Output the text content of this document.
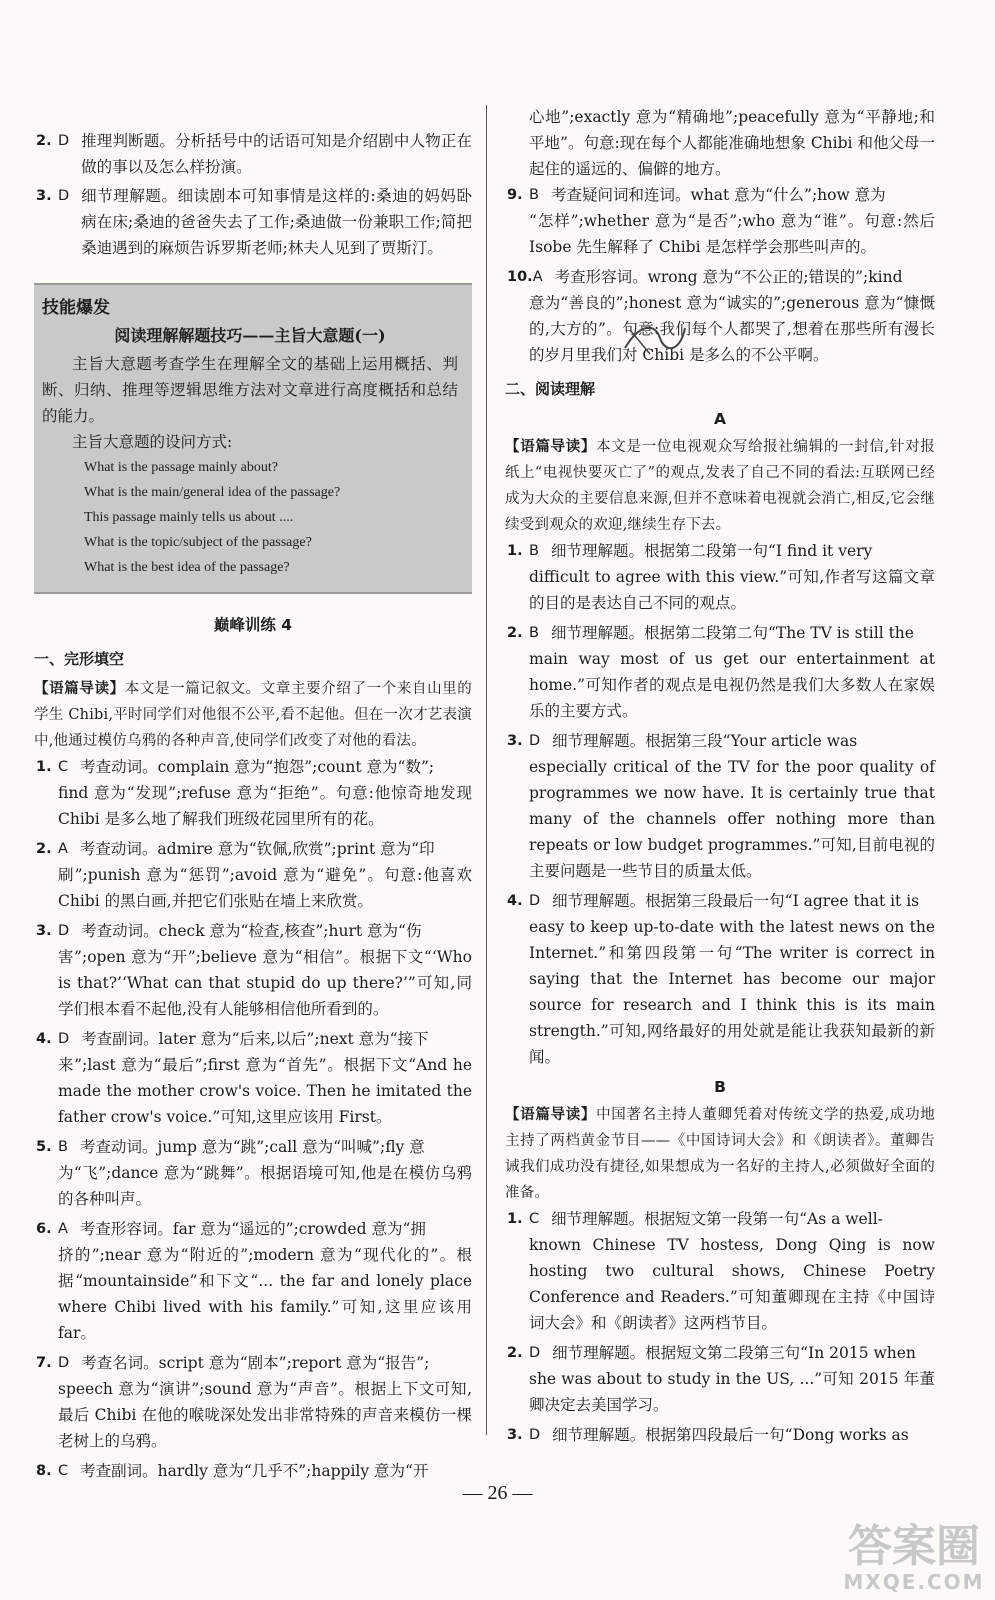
2. D 推理判断题。分析括号中的话语可知是介绍剧中人物正在做的事以及怎么样扮演。
3. D 细节理解题。细读剧本可知事情是这样的:桑迪的妈妈卧病在床;桑迪的爸爸失去了工作;桑迪做一份兼职工作;简把桑迪遇到的麻烦告诉罗斯老师;林夫人见到了贾斯汀。
技能爆发
阅读理解解题技巧——主旨大意题(一)

主旨大意题考查学生在理解全文的基础上运用概括、判断、归纳、推理等逻辑思维方法对文章进行高度概括和总结的能力。

主旨大意题的设问方式:

What is the passage mainly about?
What is the main/general idea of the passage?
This passage mainly tells us about ....
What is the topic/subject of the passage?
What is the best idea of the passage?
巅峰训练 4
一、完形填空
【语篇导读】本文是一篇记叙文。文章主要介绍了一个来自山里的学生 Chibi,平时同学们对他很不公平,看不起他。但在一次才艺表演中,他通过模仿乌鸦的各种声音,使同学们改变了对他的看法。
1. C 考查动词。complain 意为“抱怨”;count 意为“数”;
find 意为“发现”;refuse 意为“拒绝”。句意:他惊奇地发现 Chibi 是多么地了解我们班级花园里所有的花。
2. A 考查动词。admire 意为“钦佩,欣赏”;print 意为“印
刷”;punish 意为“惩罚”;avoid 意为“避免”。句意:他喜欢 Chibi 的黑白画,并把它们张贴在墙上来欣赏。
3. D 考查动词。check 意为“检查,核查”;hurt 意为“伤
害”;open 意为“开”;believe 意为“相信”。根据下文“‘Who is that?’‘What can that stupid do up there?’”可知,同学们根本看不起他,没有人能够相信他所看到的。
4. D 考查副词。later 意为“后来,以后”;next 意为“接下
来”;last 意为“最后”;first 意为“首先”。根据下文“And he made the mother crow's voice. Then he imitated the father crow's voice.”可知,这里应该用 First。
5. B 考查动词。jump 意为“跳”;call 意为“叫喊”;fly 意
为“飞”;dance 意为“跳舞”。根据语境可知,他是在模仿乌鸦的各种叫声。
6. A 考查形容词。far 意为“遥远的”;crowded 意为“拥
挤的”;near 意为“附近的”;modern 意为“现代化的”。根据“mountainside”和下文“... the far and lonely place where Chibi lived with his family.”可知,这里应该用 far。
7. D 考查名词。script 意为“剧本”;report 意为“报告”;
speech 意为“演讲”;sound 意为“声音”。根据上下文可知,最后 Chibi 在他的喉咙深处发出非常特殊的声音来模仿一棵老树上的乌鸦。
8. C 考查副词。hardly 意为“几乎不”;happily 意为“开
心地”;exactly 意为“精确地”;peacefully 意为“平静地;和平地”。句意:现在每个人都能准确地想象 Chibi 和他父母一起住的遥远的、偏僻的地方。
9. B 考查疑问词和连词。what 意为“什么”;how 意为
“怎样”;whether 意为“是否”;who 意为“谁”。句意:然后 Isobe 先生解释了 Chibi 是怎样学会那些叫声的。
10. A 考查形容词。wrong 意为“不公正的;错误的”;kind
意为“善良的”;honest 意为“诚实的”;generous 意为“慷慨的,大方的”。句意:我们每个人都哭了,想着在那些所有漫长的岁月里我们对 Chibi 是多么的不公平啊。
二、阅读理解
A
【语篇导读】本文是一位电视观众写给报社编辑的一封信,针对报纸上“电视快要灭亡了”的观点,发表了自己不同的看法:互联网已经成为大众的主要信息来源,但并不意味着电视就会消亡,相反,它会继续受到观众的欢迎,继续生存下去。
1. B 细节理解题。根据第二段第一句“I find it very
difficult to agree with this view.”可知,作者写这篇文章的目的是表达自己不同的观点。
2. B 细节理解题。根据第二段第二句“The TV is still the
main way most of us get our entertainment at home.”可知作者的观点是电视仍然是我们大多数人在家娱乐的主要方式。
3. D 细节理解题。根据第三段“Your article was
especially critical of the TV for the poor quality of programmes we now have. It is certainly true that many of the channels offer nothing more than repeats or low budget programmes.”可知,目前电视的主要问题是一些节目的质量太低。
4. D 细节理解题。根据第三段最后一句“I agree that it is
easy to keep up-to-date with the latest news on the Internet.”和第四段第一句“The writer is correct in saying that the Internet has become our major source for research and I think this is its main strength.”可知,网络最好的用处就是能让我获知最新的新闻。
B
【语篇导读】中国著名主持人董卿凭着对传统文学的热爱,成功地主持了两档黄金节目——《中国诗词大会》和《朗读者》。董卿告诫我们成功没有捷径,如果想成为一名好的主持人,必须做好全面的准备。
1. C 细节理解题。根据短文第一段第一句“As a well-
known Chinese TV hostess, Dong Qing is now hosting two cultural shows, Chinese Poetry Conference and Readers.”可知董卿现在主持《中国诗词大会》和《朗读者》这两档节目。
2. D 细节理解题。根据短文第二段第三句“In 2015 when
she was about to study in the US, ...”可知 2015 年董卿决定去美国学习。
3. D 细节理解题。根据第四段最后一句“Dong works as
— 26 —
答案圈
MXQE.COM
